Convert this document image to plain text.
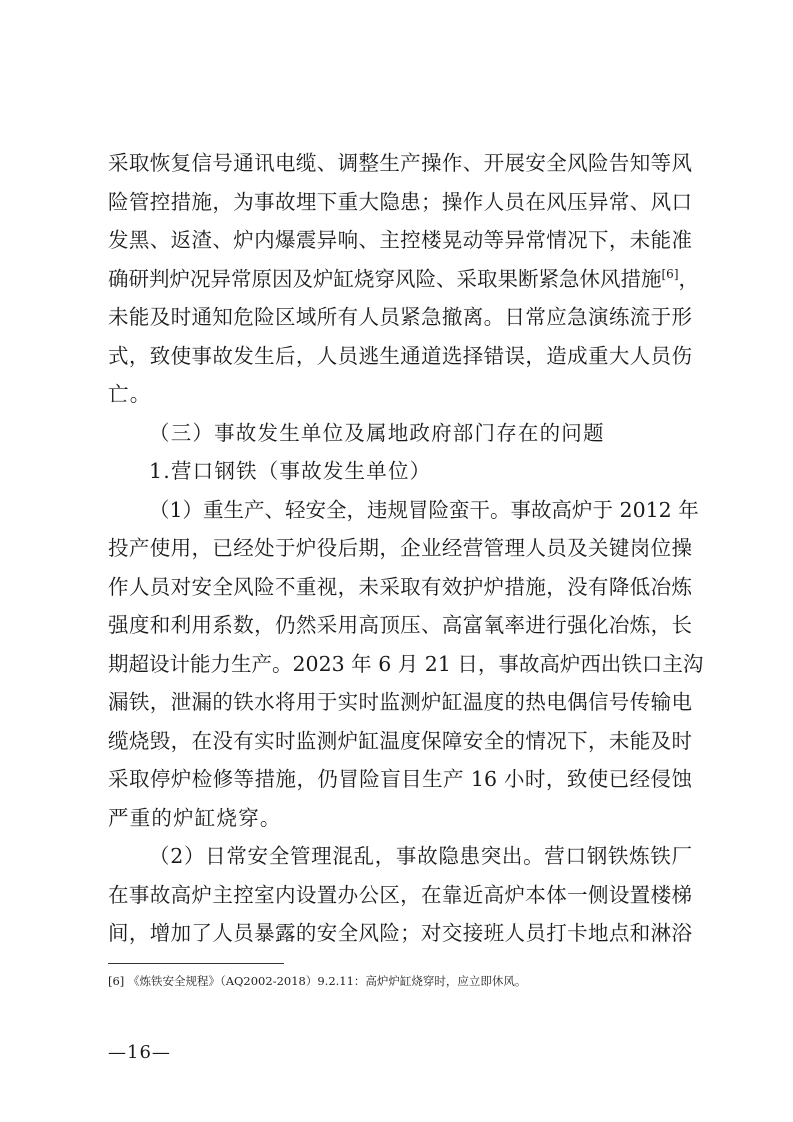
采取恢复信号通讯电缆、调整生产操作、开展安全风险告知等风
险管控措施，为事故埋下重大隐患；操作人员在风压异常、风口
发黑、返渣、炉内爆震异响、主控楼晃动等异常情况下，未能准
确研判炉况异常原因及炉缸烧穿风险、采取果断紧急休风措施[6]，
未能及时通知危险区域所有人员紧急撤离。日常应急演练流于形
式，致使事故发生后，人员逃生通道选择错误，造成重大人员伤
亡。
（三）事故发生单位及属地政府部门存在的问题
1.营口钢铁（事故发生单位）
（1）重生产、轻安全，违规冒险蛮干。事故高炉于 2012 年
投产使用，已经处于炉役后期，企业经营管理人员及关键岗位操
作人员对安全风险不重视，未采取有效护炉措施，没有降低冶炼
强度和利用系数，仍然采用高顶压、高富氧率进行强化冶炼，长
期超设计能力生产。2023 年 6 月 21 日，事故高炉西出铁口主沟
漏铁，泄漏的铁水将用于实时监测炉缸温度的热电偶信号传输电
缆烧毁，在没有实时监测炉缸温度保障安全的情况下，未能及时
采取停炉检修等措施，仍冒险盲目生产 16 小时，致使已经侵蚀
严重的炉缸烧穿。
（2）日常安全管理混乱，事故隐患突出。营口钢铁炼铁厂
在事故高炉主控室内设置办公区，在靠近高炉本体一侧设置楼梯
间，增加了人员暴露的安全风险；对交接班人员打卡地点和淋浴
[6] 《炼铁安全规程》（AQ2002-2018）9.2.11：高炉炉缸烧穿时，应立即休风。
—16—
